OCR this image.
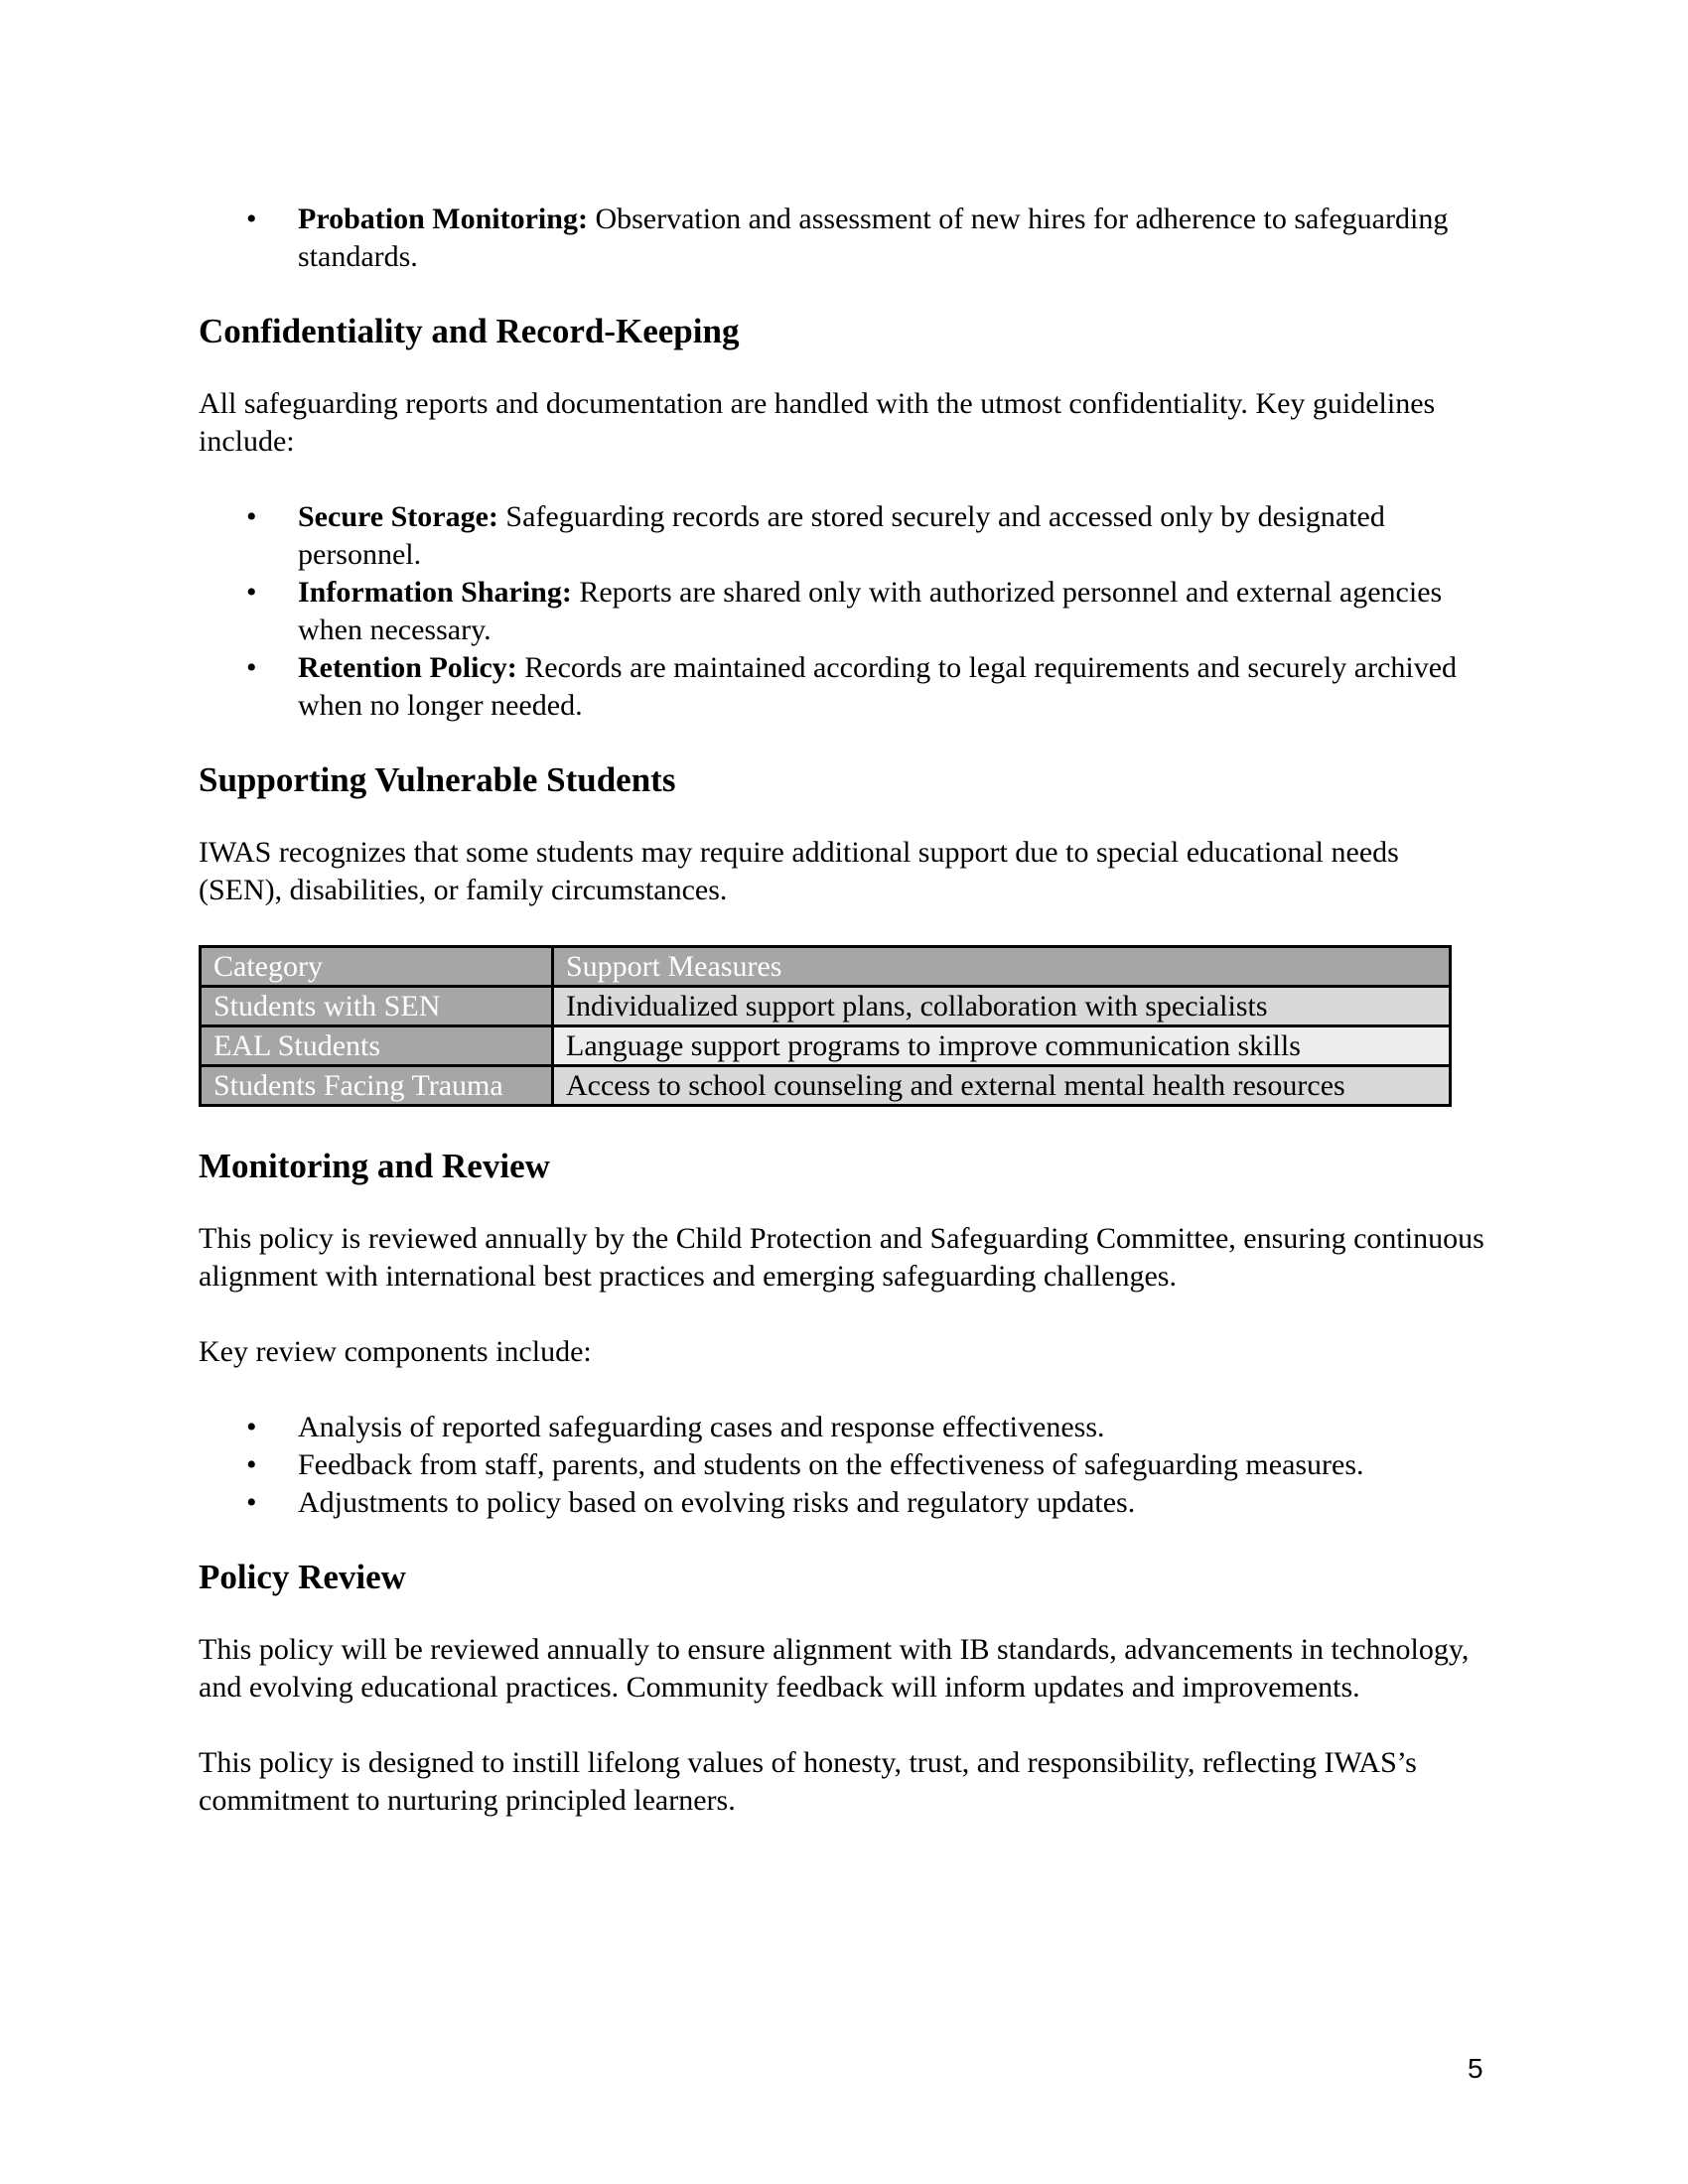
• Probation Monitoring: Observation and assessment of new hires for adherence to safeguarding standards.
Confidentiality and Record-Keeping

All safeguarding reports and documentation are handled with the utmost confidentiality. Key guidelines include:

• Secure Storage: Safeguarding records are stored securely and accessed only by designated personnel.
• Information Sharing: Reports are shared only with authorized personnel and external agencies when necessary.
• Retention Policy: Records are maintained according to legal requirements and securely archived when no longer needed.
Supporting Vulnerable Students

IWAS recognizes that some students may require additional support due to special educational needs (SEN), disabilities, or family circumstances.

Category	Support Measures
Students with SEN	Individualized support plans, collaboration with specialists
EAL Students	Language support programs to improve communication skills
Students Facing Trauma	Access to school counseling and external mental health resources
Monitoring and Review

This policy is reviewed annually by the Child Protection and Safeguarding Committee, ensuring continuous alignment with international best practices and emerging safeguarding challenges.

Key review components include:

• Analysis of reported safeguarding cases and response effectiveness.
• Feedback from staff, parents, and students on the effectiveness of safeguarding measures.
• Adjustments to policy based on evolving risks and regulatory updates.
Policy Review

This policy will be reviewed annually to ensure alignment with IB standards, advancements in technology, and evolving educational practices. Community feedback will inform updates and improvements.

This policy is designed to instill lifelong values of honesty, trust, and responsibility, reflecting IWAS’s commitment to nurturing principled learners.

5
